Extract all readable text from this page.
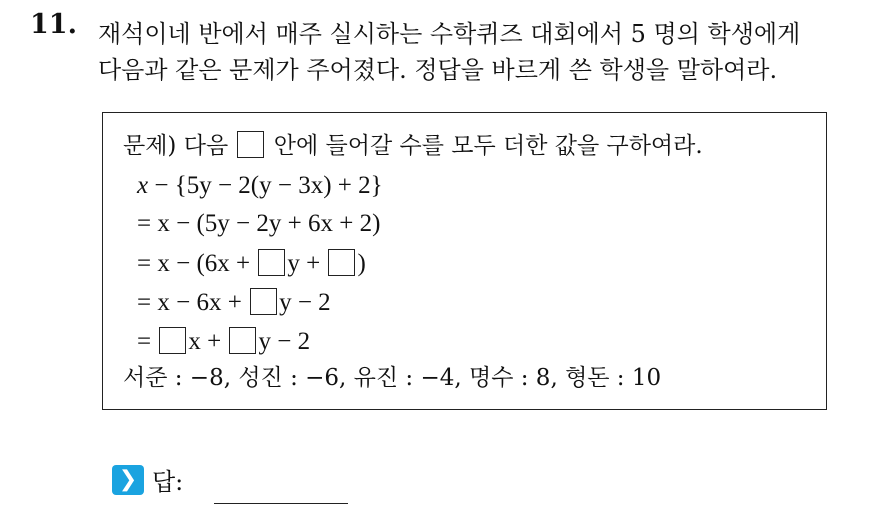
11. 재석이네 반에서 매주 실시하는 수학퀴즈 대회에서 5 명의 학생에게
다음과 같은 문제가 주어졌다. 정답을 바르게 쓴 학생을 말하여라.
문제) 다음 안에 들어갈 수를 모두 더한 값을 구하여라.
x − {5y − 2(y − 3x) + 2}
= x − (5y − 2y + 6x + 2)
= x − (6x + y + )
= x − 6x + y − 2
= x + y − 2
서준 : −8, 성진 : −6, 유진 : −4, 명수 : 8, 형돈 : 10
❯ 답:
